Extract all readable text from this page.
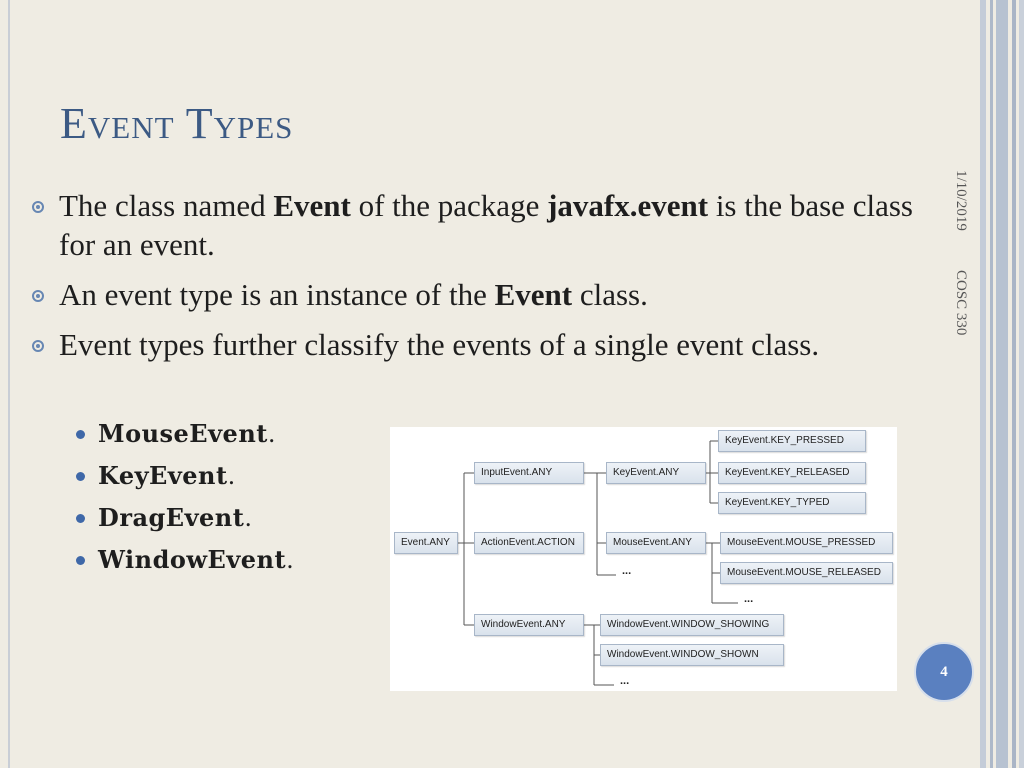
Event Types
1/10/2019
COSC 330
The class named Event of the package javafx.event is the base class for an event.
An event type is an instance of the Event class.
Event types further classify the events of a single event class.
MouseEvent.
KeyEvent.
DragEvent.
WindowEvent.
Event.ANY
InputEvent.ANY
ActionEvent.ACTION
WindowEvent.ANY
KeyEvent.ANY
MouseEvent.ANY
...
KeyEvent.KEY_PRESSED
KeyEvent.KEY_RELEASED
KeyEvent.KEY_TYPED
MouseEvent.MOUSE_PRESSED
MouseEvent.MOUSE_RELEASED
...
WindowEvent.WINDOW_SHOWING
WindowEvent.WINDOW_SHOWN
...
4
